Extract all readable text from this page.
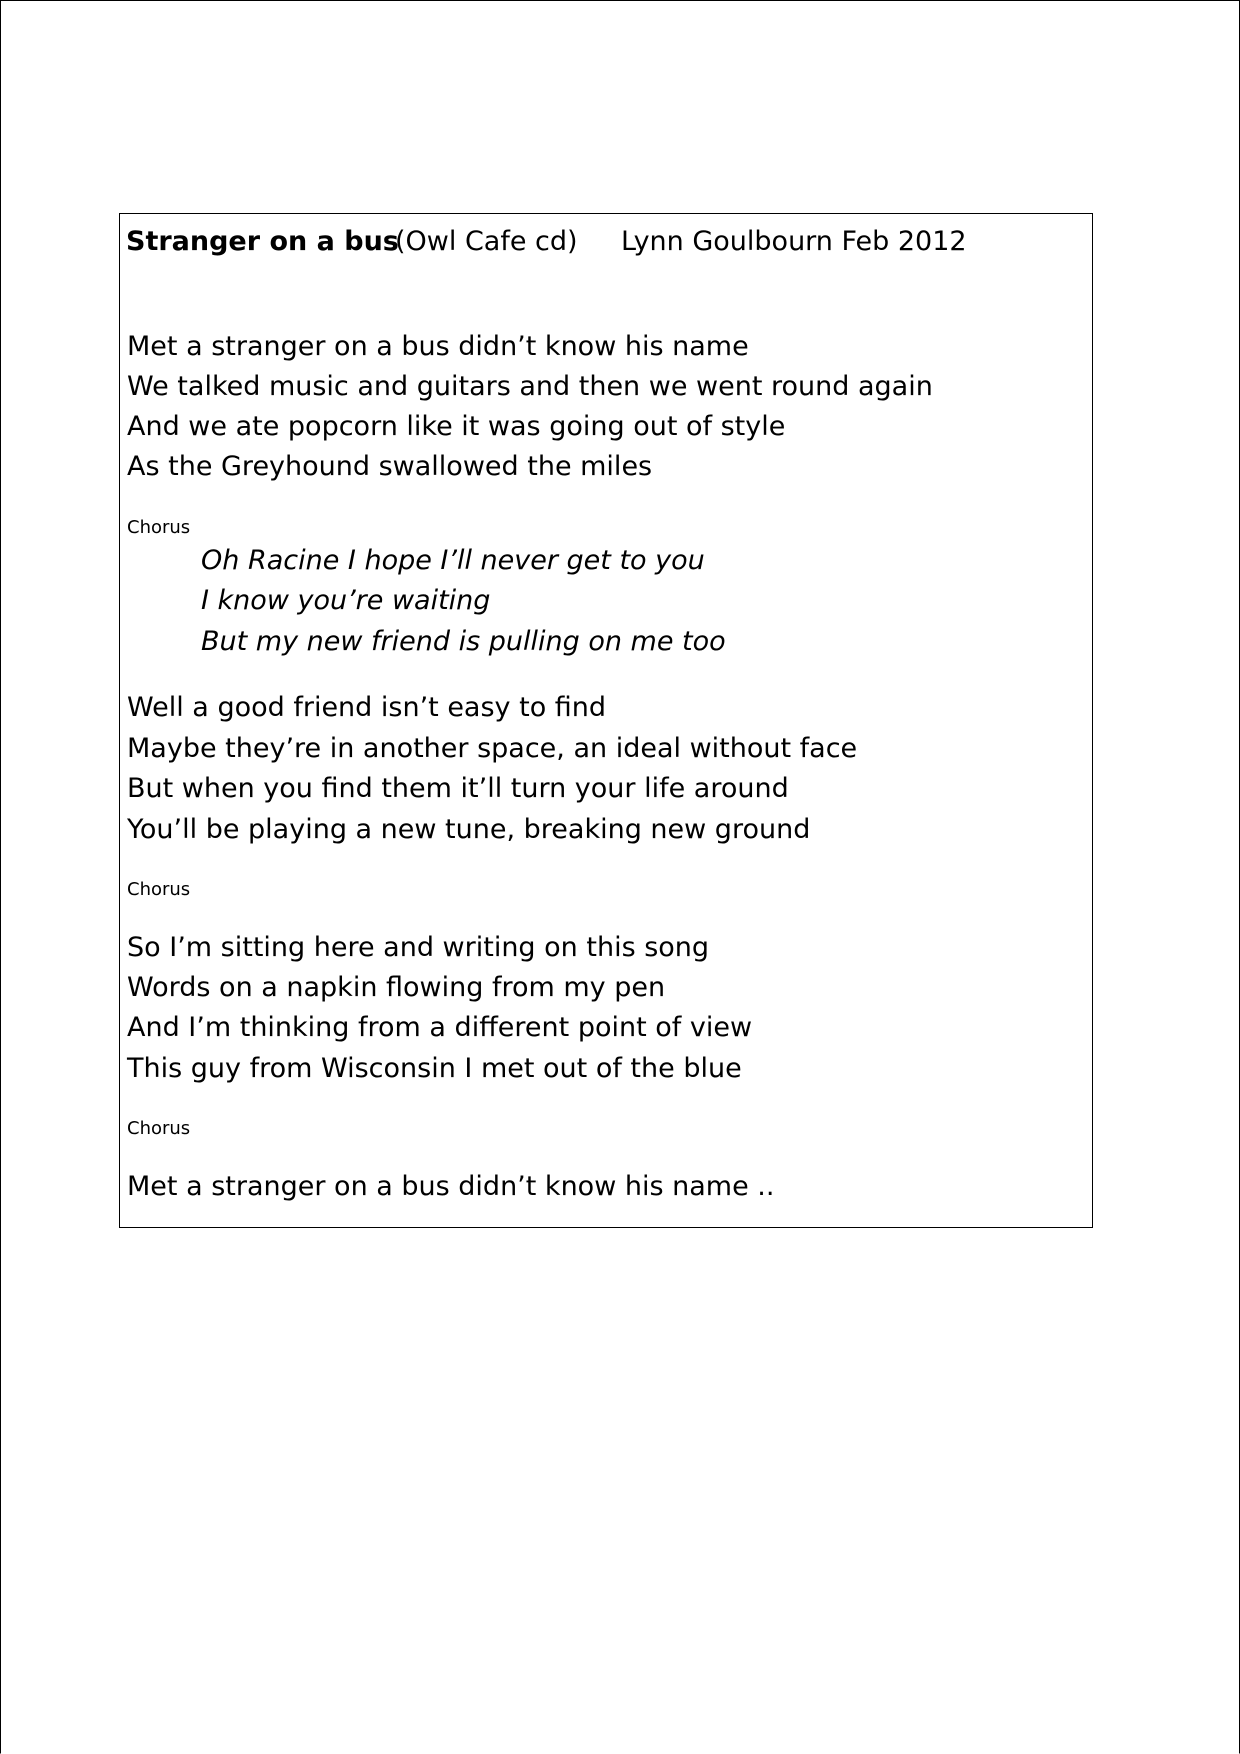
Stranger on a bus
(Owl Cafe cd) Lynn Goulbourn Feb 2012
Met a stranger on a bus didn’t know his name
We talked music and guitars and then we went round again
And we ate popcorn like it was going out of style
As the Greyhound swallowed the miles
Chorus
Oh Racine I hope I’ll never get to you
I know you’re waiting
But my new friend is pulling on me too
Well a good friend isn’t easy to find
Maybe they’re in another space, an ideal without face
But when you find them it’ll turn your life around
You’ll be playing a new tune, breaking new ground
Chorus
So I’m sitting here and writing on this song
Words on a napkin flowing from my pen
And I’m thinking from a different point of view
This guy from Wisconsin I met out of the blue
Chorus
Met a stranger on a bus didn’t know his name ..
